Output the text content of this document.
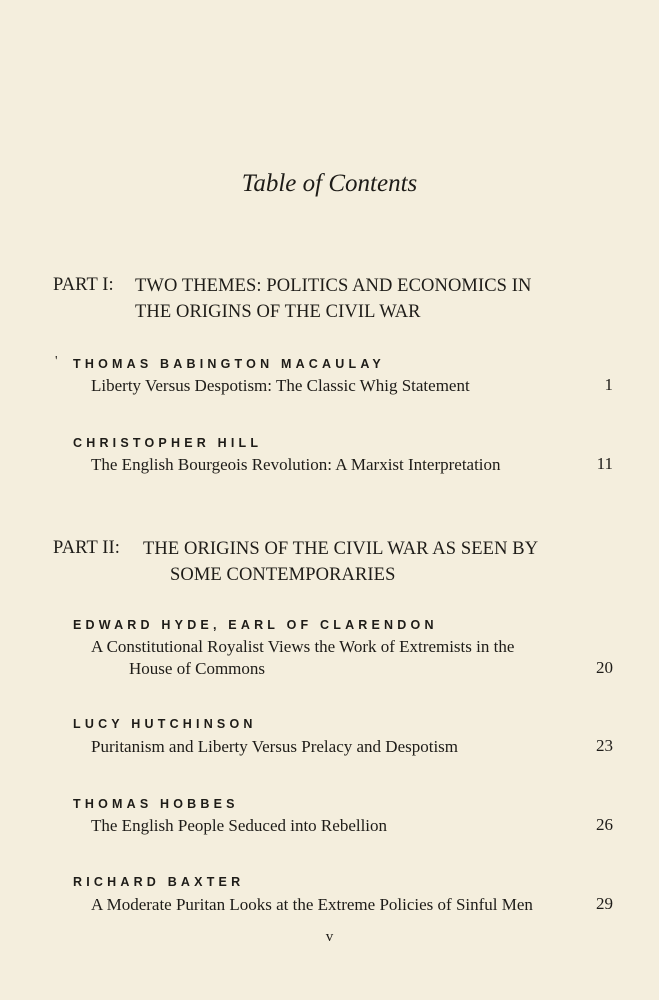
Table of Contents
PART I: TWO THEMES: POLITICS AND ECONOMICS IN
THE ORIGINS OF THE CIVIL WAR
' THOMAS BABINGTON MACAULAY
Liberty Versus Despotism: The Classic Whig Statement	1
CHRISTOPHER HILL
The English Bourgeois Revolution: A Marxist Interpretation	11
PART II: THE ORIGINS OF THE CIVIL WAR AS SEEN BY
SOME CONTEMPORARIES
EDWARD HYDE, EARL OF CLARENDON
A Constitutional Royalist Views the Work of Extremists in the
House of Commons	20
LUCY HUTCHINSON
Puritanism and Liberty Versus Prelacy and Despotism	23
THOMAS HOBBES
The English People Seduced into Rebellion	26
RICHARD BAXTER
A Moderate Puritan Looks at the Extreme Policies of Sinful Men	29
v
